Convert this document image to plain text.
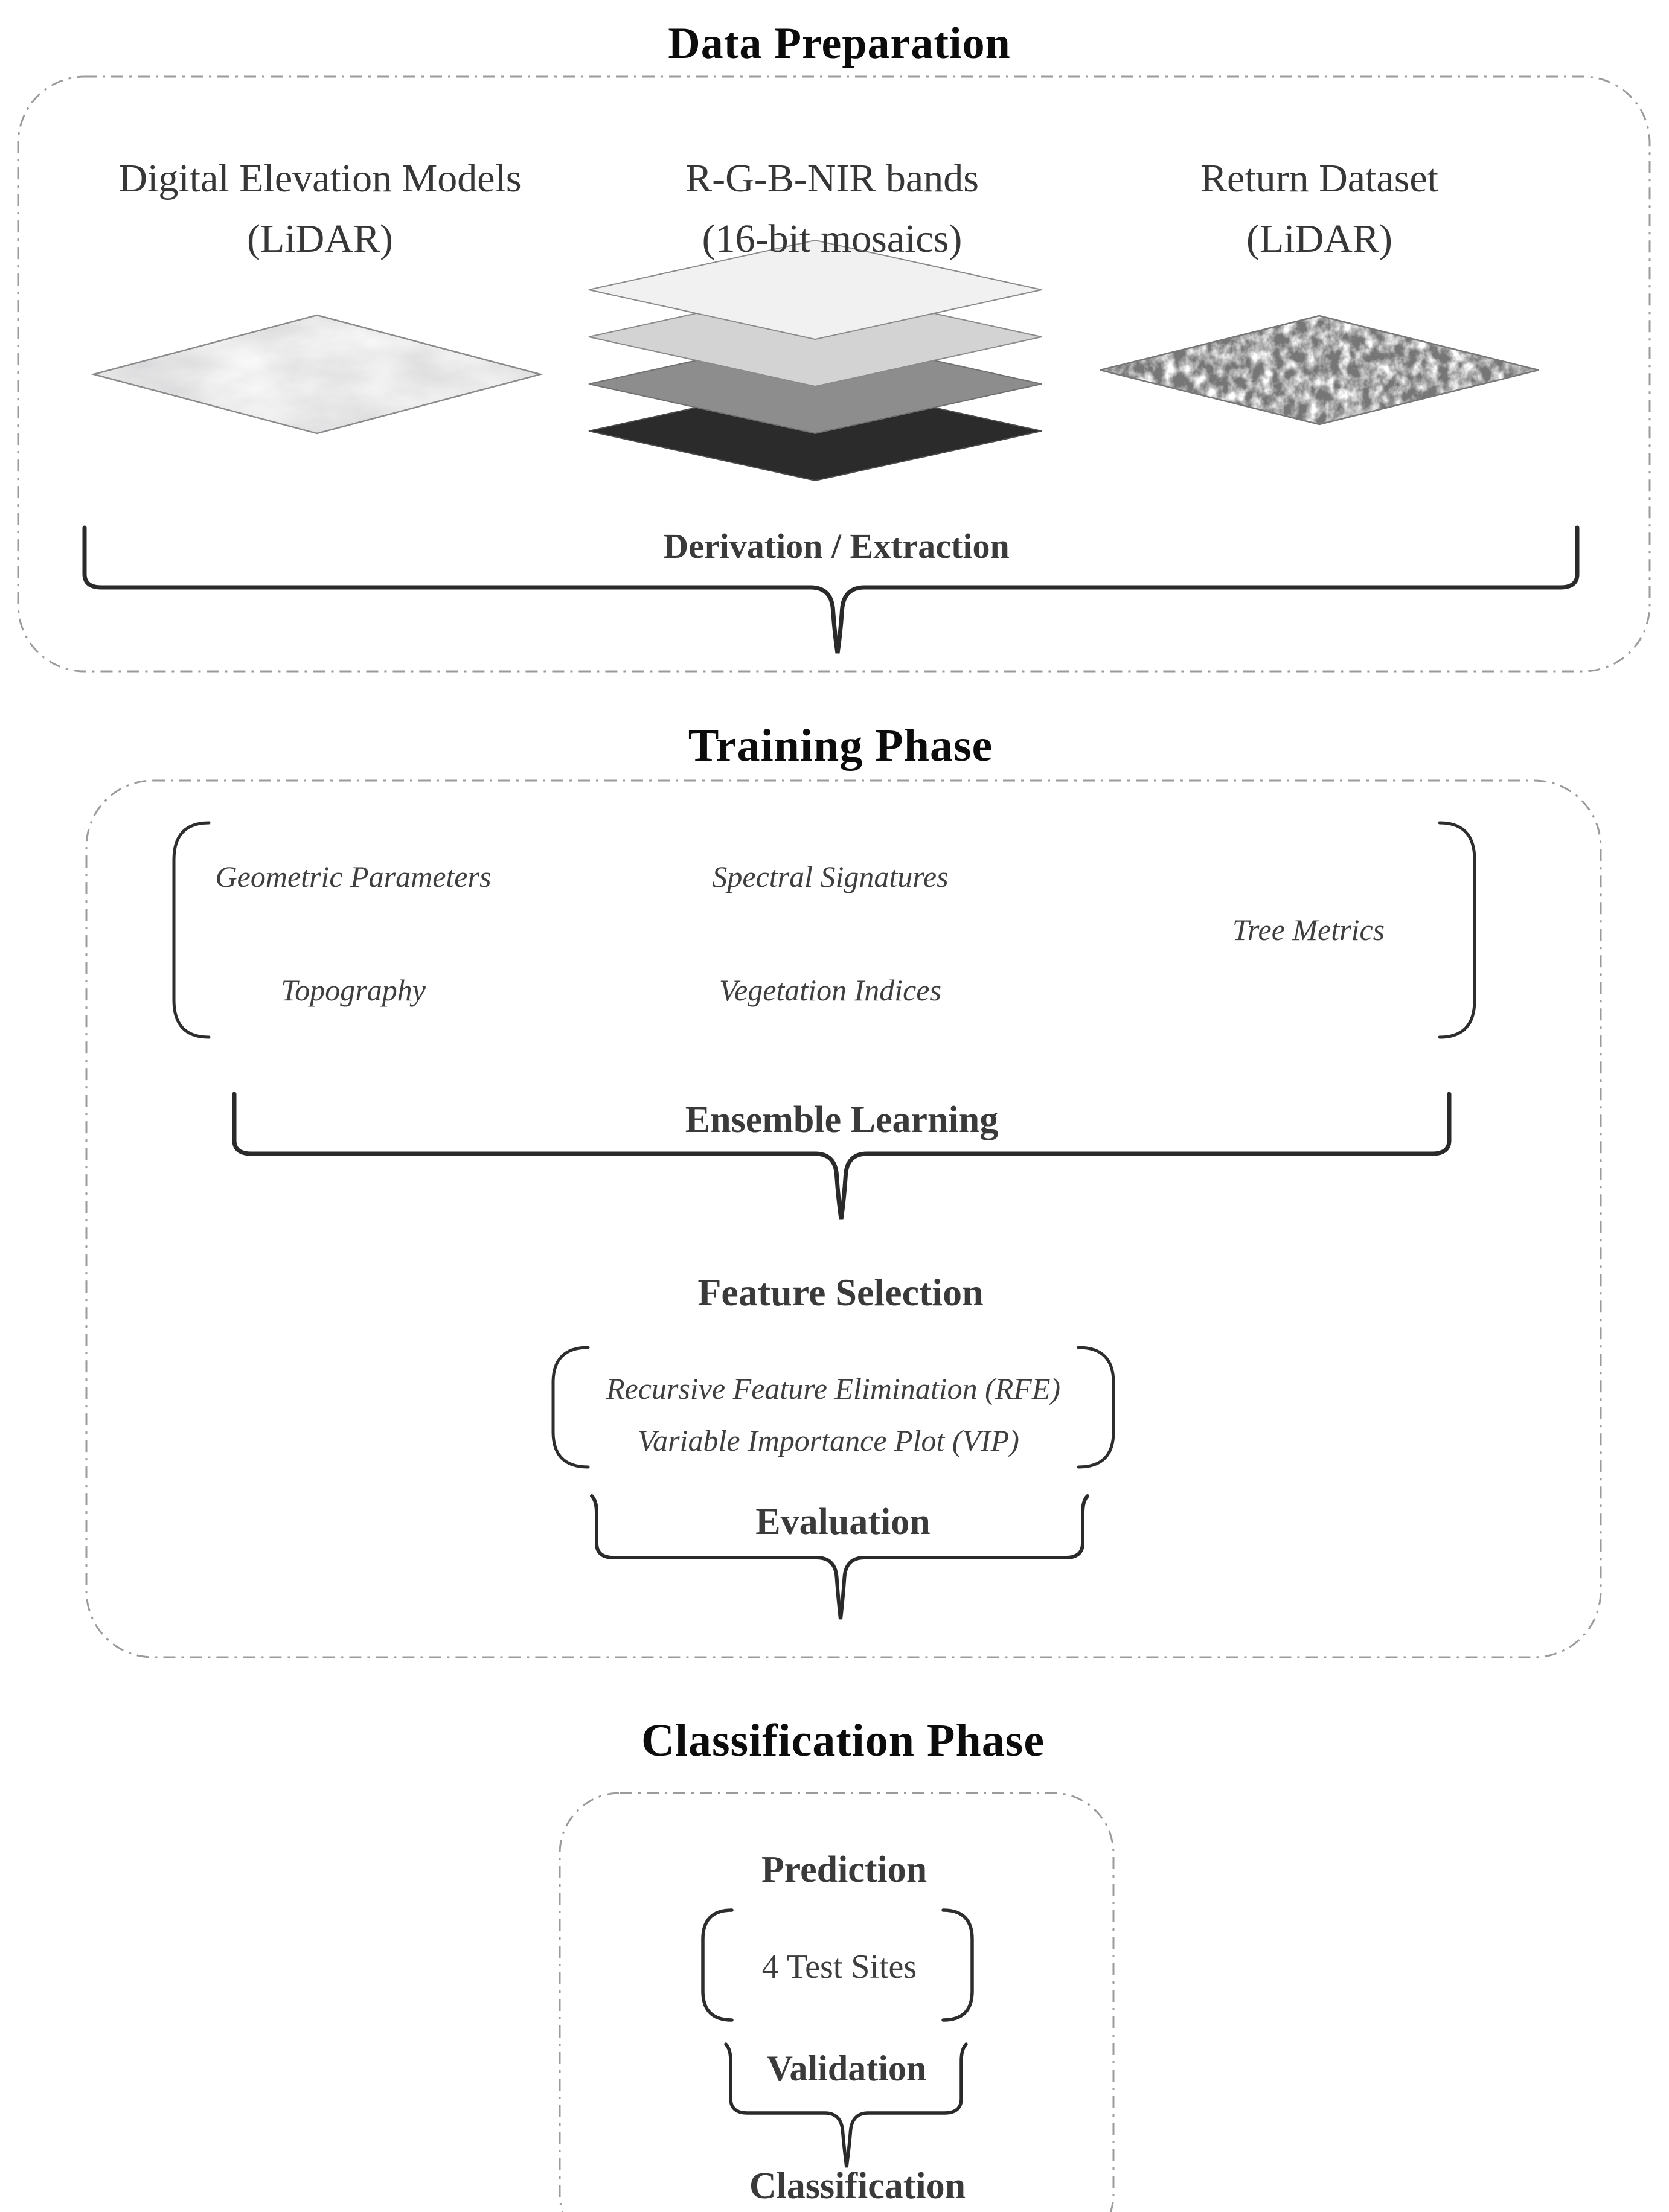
Data Preparation
Digital Elevation Models
(LiDAR)
R-G-B-NIR bands
(16-bit mosaics)
Return Dataset
(LiDAR)
Derivation / Extraction
Training Phase
Geometric Parameters	Spectral Signatures
Tree Metrics
Topography	Vegetation Indices
Ensemble Learning
Feature Selection
Recursive Feature Elimination (RFE)
Variable Importance Plot (VIP)
Evaluation
Classification Phase
Prediction
4 Test Sites
Validation
Classification
